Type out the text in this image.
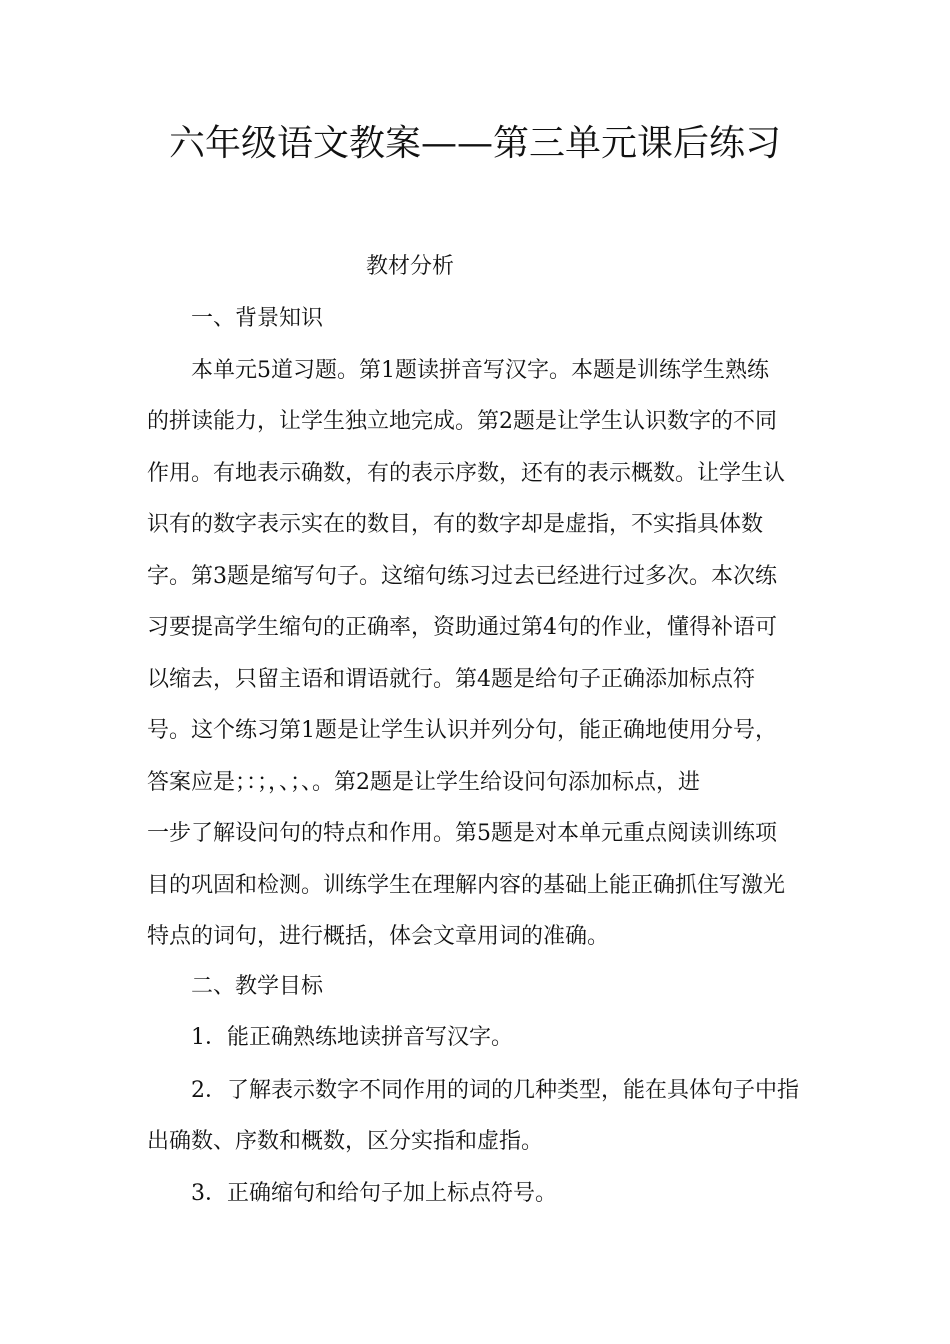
六年级语文教案——第三单元课后练习
教材分析
一、背景知识
本单元5道习题。第1题读拼音写汉字。本题是训练学生熟练
的拼读能力，让学生独立地完成。第2题是让学生认识数字的不同
作用。有地表示确数，有的表示序数，还有的表示概数。让学生认
识有的数字表示实在的数目，有的数字却是虚指，不实指具体数
字。第3题是缩写句子。这缩句练习过去已经进行过多次。本次练
习要提高学生缩句的正确率，资助通过第4句的作业，懂得补语可
以缩去，只留主语和谓语就行。第4题是给句子正确添加标点符
号。这个练习第1题是让学生认识并列分句，能正确地使用分号，
答案应是；：；，、；、。第2题是让学生给设问句添加标点，进
一步了解设问句的特点和作用。第5题是对本单元重点阅读训练项
目的巩固和检测。训练学生在理解内容的基础上能正确抓住写激光
特点的词句，进行概括，体会文章用词的准确。
二、教学目标
1．能正确熟练地读拼音写汉字。
2．了解表示数字不同作用的词的几种类型，能在具体句子中指
出确数、序数和概数，区分实指和虚指。
3．正确缩句和给句子加上标点符号。
